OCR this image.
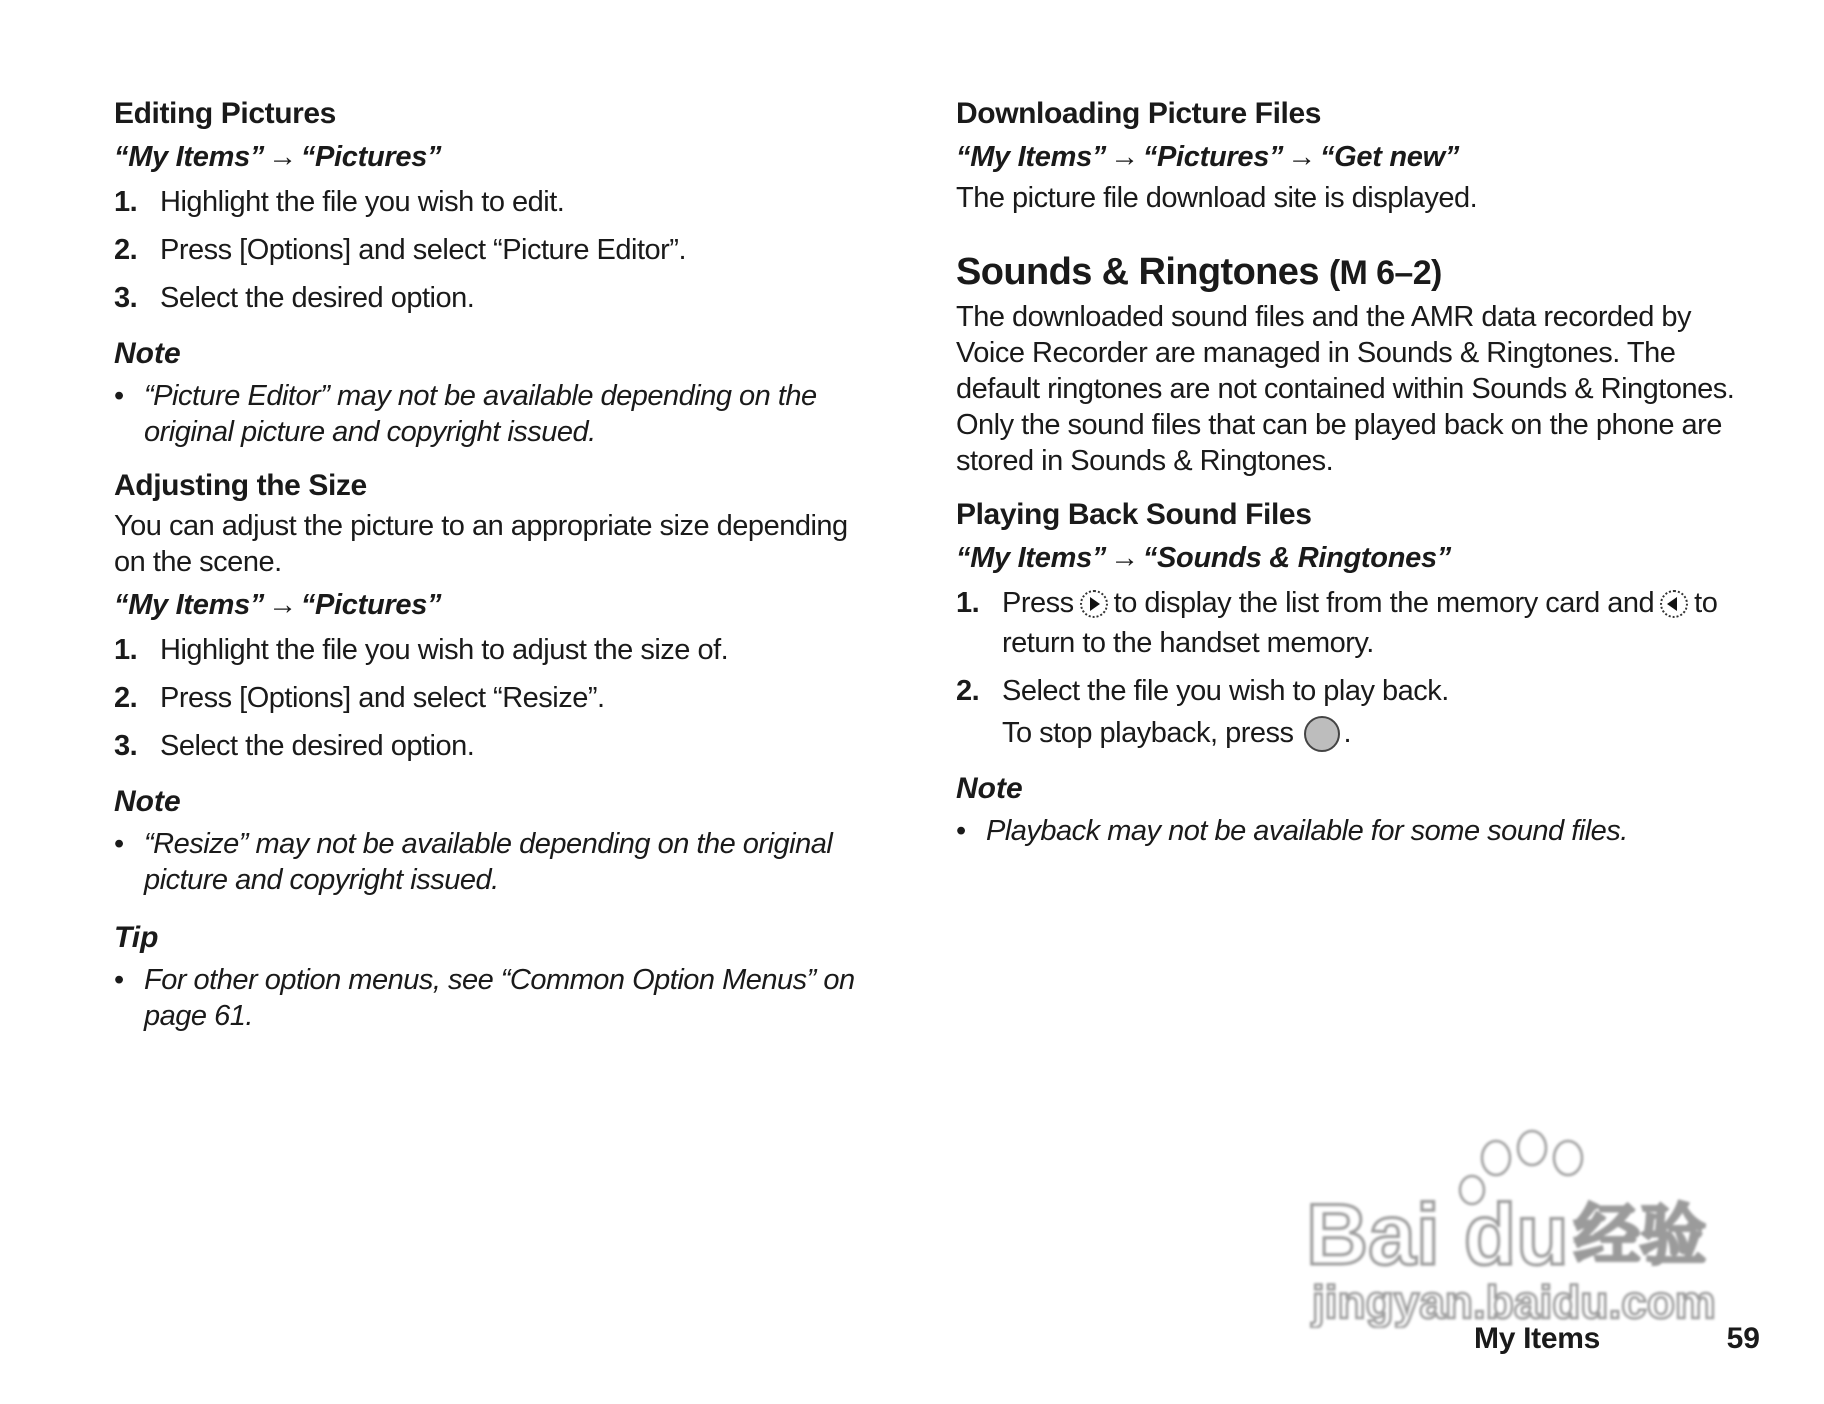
Editing Pictures

“My Items” → “Pictures”

1. Highlight the file you wish to edit.
2. Press [Options] and select “Picture Editor”.
3. Select the desired option.

Note

• “Picture Editor” may not be available depending on the original picture and copyright issued.
Adjusting the Size

You can adjust the picture to an appropriate size depending on the scene.

“My Items” → “Pictures”

1. Highlight the file you wish to adjust the size of.
2. Press [Options] and select “Resize”.
3. Select the desired option.

Note

• “Resize” may not be available depending on the original picture and copyright issued.

Tip

• For other option menus, see “Common Option Menus” on page 61.
Downloading Picture Files

“My Items” → “Pictures” → “Get new”

The picture file download site is displayed.

Sounds & Ringtones (M 6–2)

The downloaded sound files and the AMR data recorded by Voice Recorder are managed in Sounds & Ringtones. The default ringtones are not contained within Sounds & Ringtones. Only the sound files that can be played back on the phone are stored in Sounds & Ringtones.

Playing Back Sound Files

“My Items” → “Sounds & Ringtones”

1. Press to display the list from the memory card and to return to the handset memory.
2. Select the file you wish to play back.

To stop playback, press .

Note

• Playback may not be available for some sound files.
Bai du 经验
jingyan.baidu.com
My Items	59
